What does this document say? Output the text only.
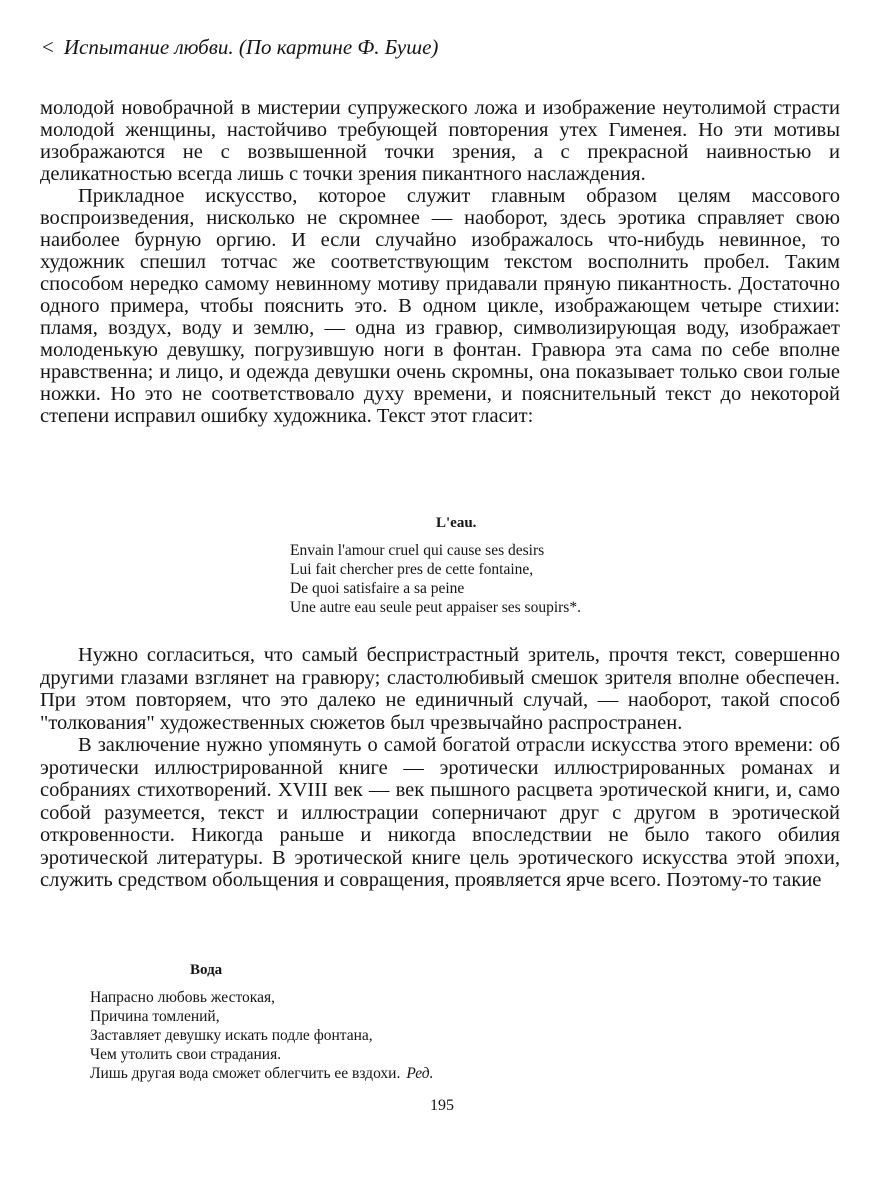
< Испытание любви. (По картине Ф. Буше)

молодой новобрачной в мистерии супружеского ложа и изображение неутолимой страсти молодой женщины, настойчиво требующей повторения утех Гименея. Но эти мотивы изображаются не с возвышенной точки зрения, а с прекрасной наивностью и деликатностью всегда лишь с точки зрения пикантного наслаждения.

Прикладное искусство, которое служит главным образом целям массового воспроизведения, нисколько не скромнее — наоборот, здесь эротика справляет свою наиболее бурную оргию. И если случайно изображалось что-нибудь невинное, то художник спешил тотчас же соответствующим текстом восполнить пробел. Таким способом нередко самому невинному мотиву придавали пряную пикантность. Достаточно одного примера, чтобы пояснить это. В одном цикле, изображающем четыре стихии: пламя, воздух, воду и землю, — одна из гравюр, символизирующая воду, изображает молоденькую девушку, погрузившую ноги в фонтан. Гравюра эта сама по себе вполне нравственна; и лицо, и одежда девушки очень скромны, она показывает только свои голые ножки. Но это не соответствовало духу времени, и пояснительный текст до некоторой степени исправил ошибку художника. Текст этот гласит:

L'eau.
Envain l'amour cruel qui cause ses desirs
Lui fait chercher pres de cette fontaine,
De quoi satisfaire a sa peine
Une autre eau seule peut appaiser ses soupirs*.

Нужно согласиться, что самый беспристрастный зритель, прочтя текст, совершенно другими глазами взглянет на гравюру; сластолюбивый смешок зрителя вполне обеспечен. При этом повторяем, что это далеко не единичный случай, — наоборот, такой способ "толкования" художественных сюжетов был чрезвычайно распространен.

В заключение нужно упомянуть о самой богатой отрасли искусства этого времени: об эротически иллюстрированной книге — эротически иллюстрированных романах и собраниях стихотворений. XVIII век — век пышного расцвета эротической книги, и, само собой разумеется, текст и иллюстрации соперничают друг с другом в эротической откровенности. Никогда раньше и никогда впоследствии не было такого обилия эротической литературы. В эротической книге цель эротического искусства этой эпохи, служить средством обольщения и совращения, проявляется ярче всего. Поэтому-то такие

Вода
Напрасно любовь жестокая,
Причина томлений,
Заставляет девушку искать подле фонтана,
Чем утолить свои страдания.
Лишь другая вода сможет облегчить ее вздохи. Ред.
195
